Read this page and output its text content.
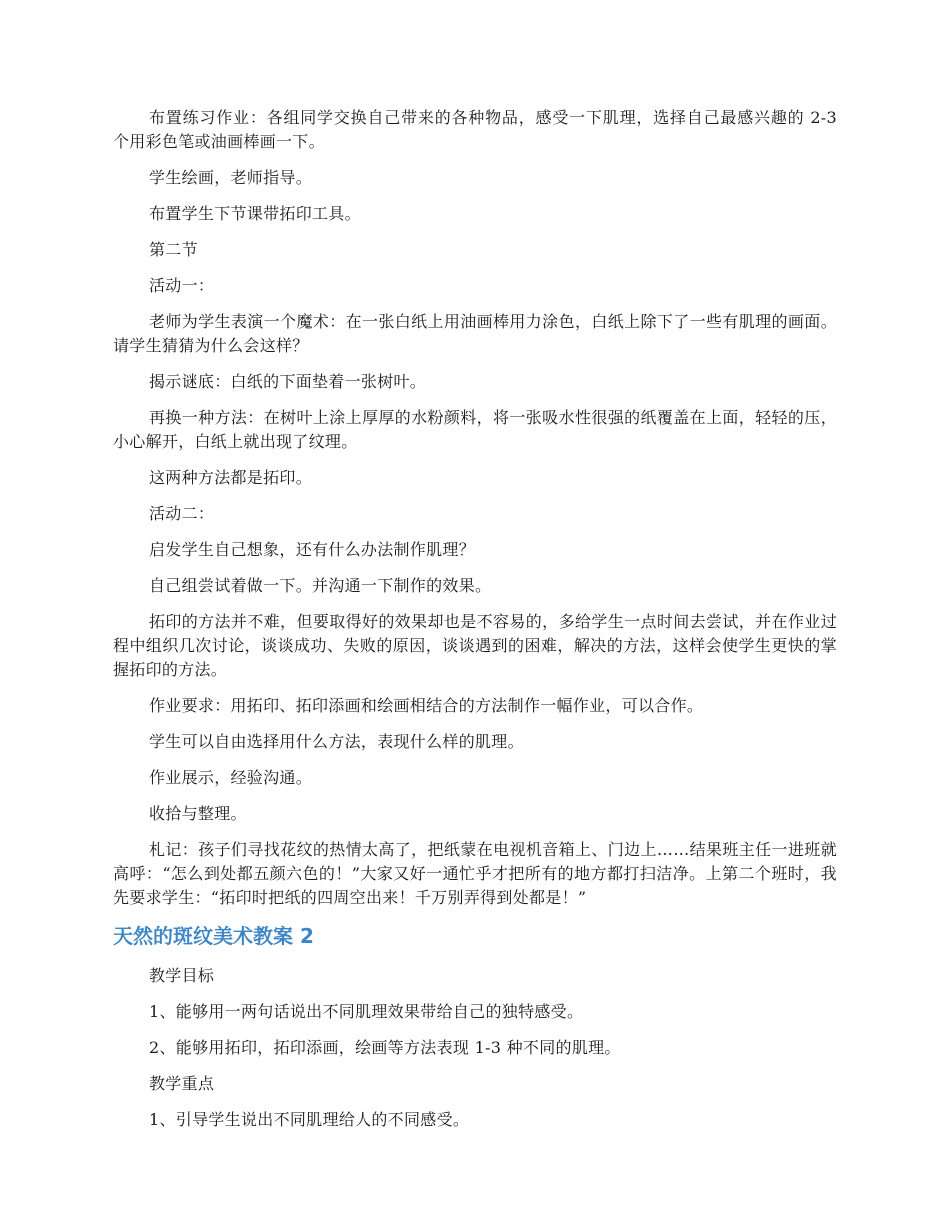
布置练习作业：各组同学交换自己带来的各种物品，感受一下肌理，选择自己最感兴趣的 2-3 个用彩色笔或油画棒画一下。

学生绘画，老师指导。

布置学生下节课带拓印工具。

第二节

活动一：

老师为学生表演一个魔术：在一张白纸上用油画棒用力涂色，白纸上除下了一些有肌理的画面。请学生猜猜为什么会这样？

揭示谜底：白纸的下面垫着一张树叶。

再换一种方法：在树叶上涂上厚厚的水粉颜料，将一张吸水性很强的纸覆盖在上面，轻轻的压，小心解开，白纸上就出现了纹理。

这两种方法都是拓印。

活动二：

启发学生自己想象，还有什么办法制作肌理？

自己组尝试着做一下。并沟通一下制作的效果。

拓印的方法并不难，但要取得好的效果却也是不容易的，多给学生一点时间去尝试，并在作业过程中组织几次讨论，谈谈成功、失败的原因，谈谈遇到的困难，解决的方法，这样会使学生更快的掌握拓印的方法。

作业要求：用拓印、拓印添画和绘画相结合的方法制作一幅作业，可以合作。

学生可以自由选择用什么方法，表现什么样的肌理。

作业展示，经验沟通。

收拾与整理。

札记：孩子们寻找花纹的热情太高了，把纸蒙在电视机音箱上、门边上……结果班主任一进班就高呼：“怎么到处都五颜六色的！”大家又好一通忙乎才把所有的地方都打扫洁净。上第二个班时，我先要求学生：“拓印时把纸的四周空出来！千万别弄得到处都是！”

天然的斑纹美术教案 2

教学目标

1、能够用一两句话说出不同肌理效果带给自己的独特感受。

2、能够用拓印，拓印添画，绘画等方法表现 1-3 种不同的肌理。

教学重点

1、引导学生说出不同肌理给人的不同感受。
